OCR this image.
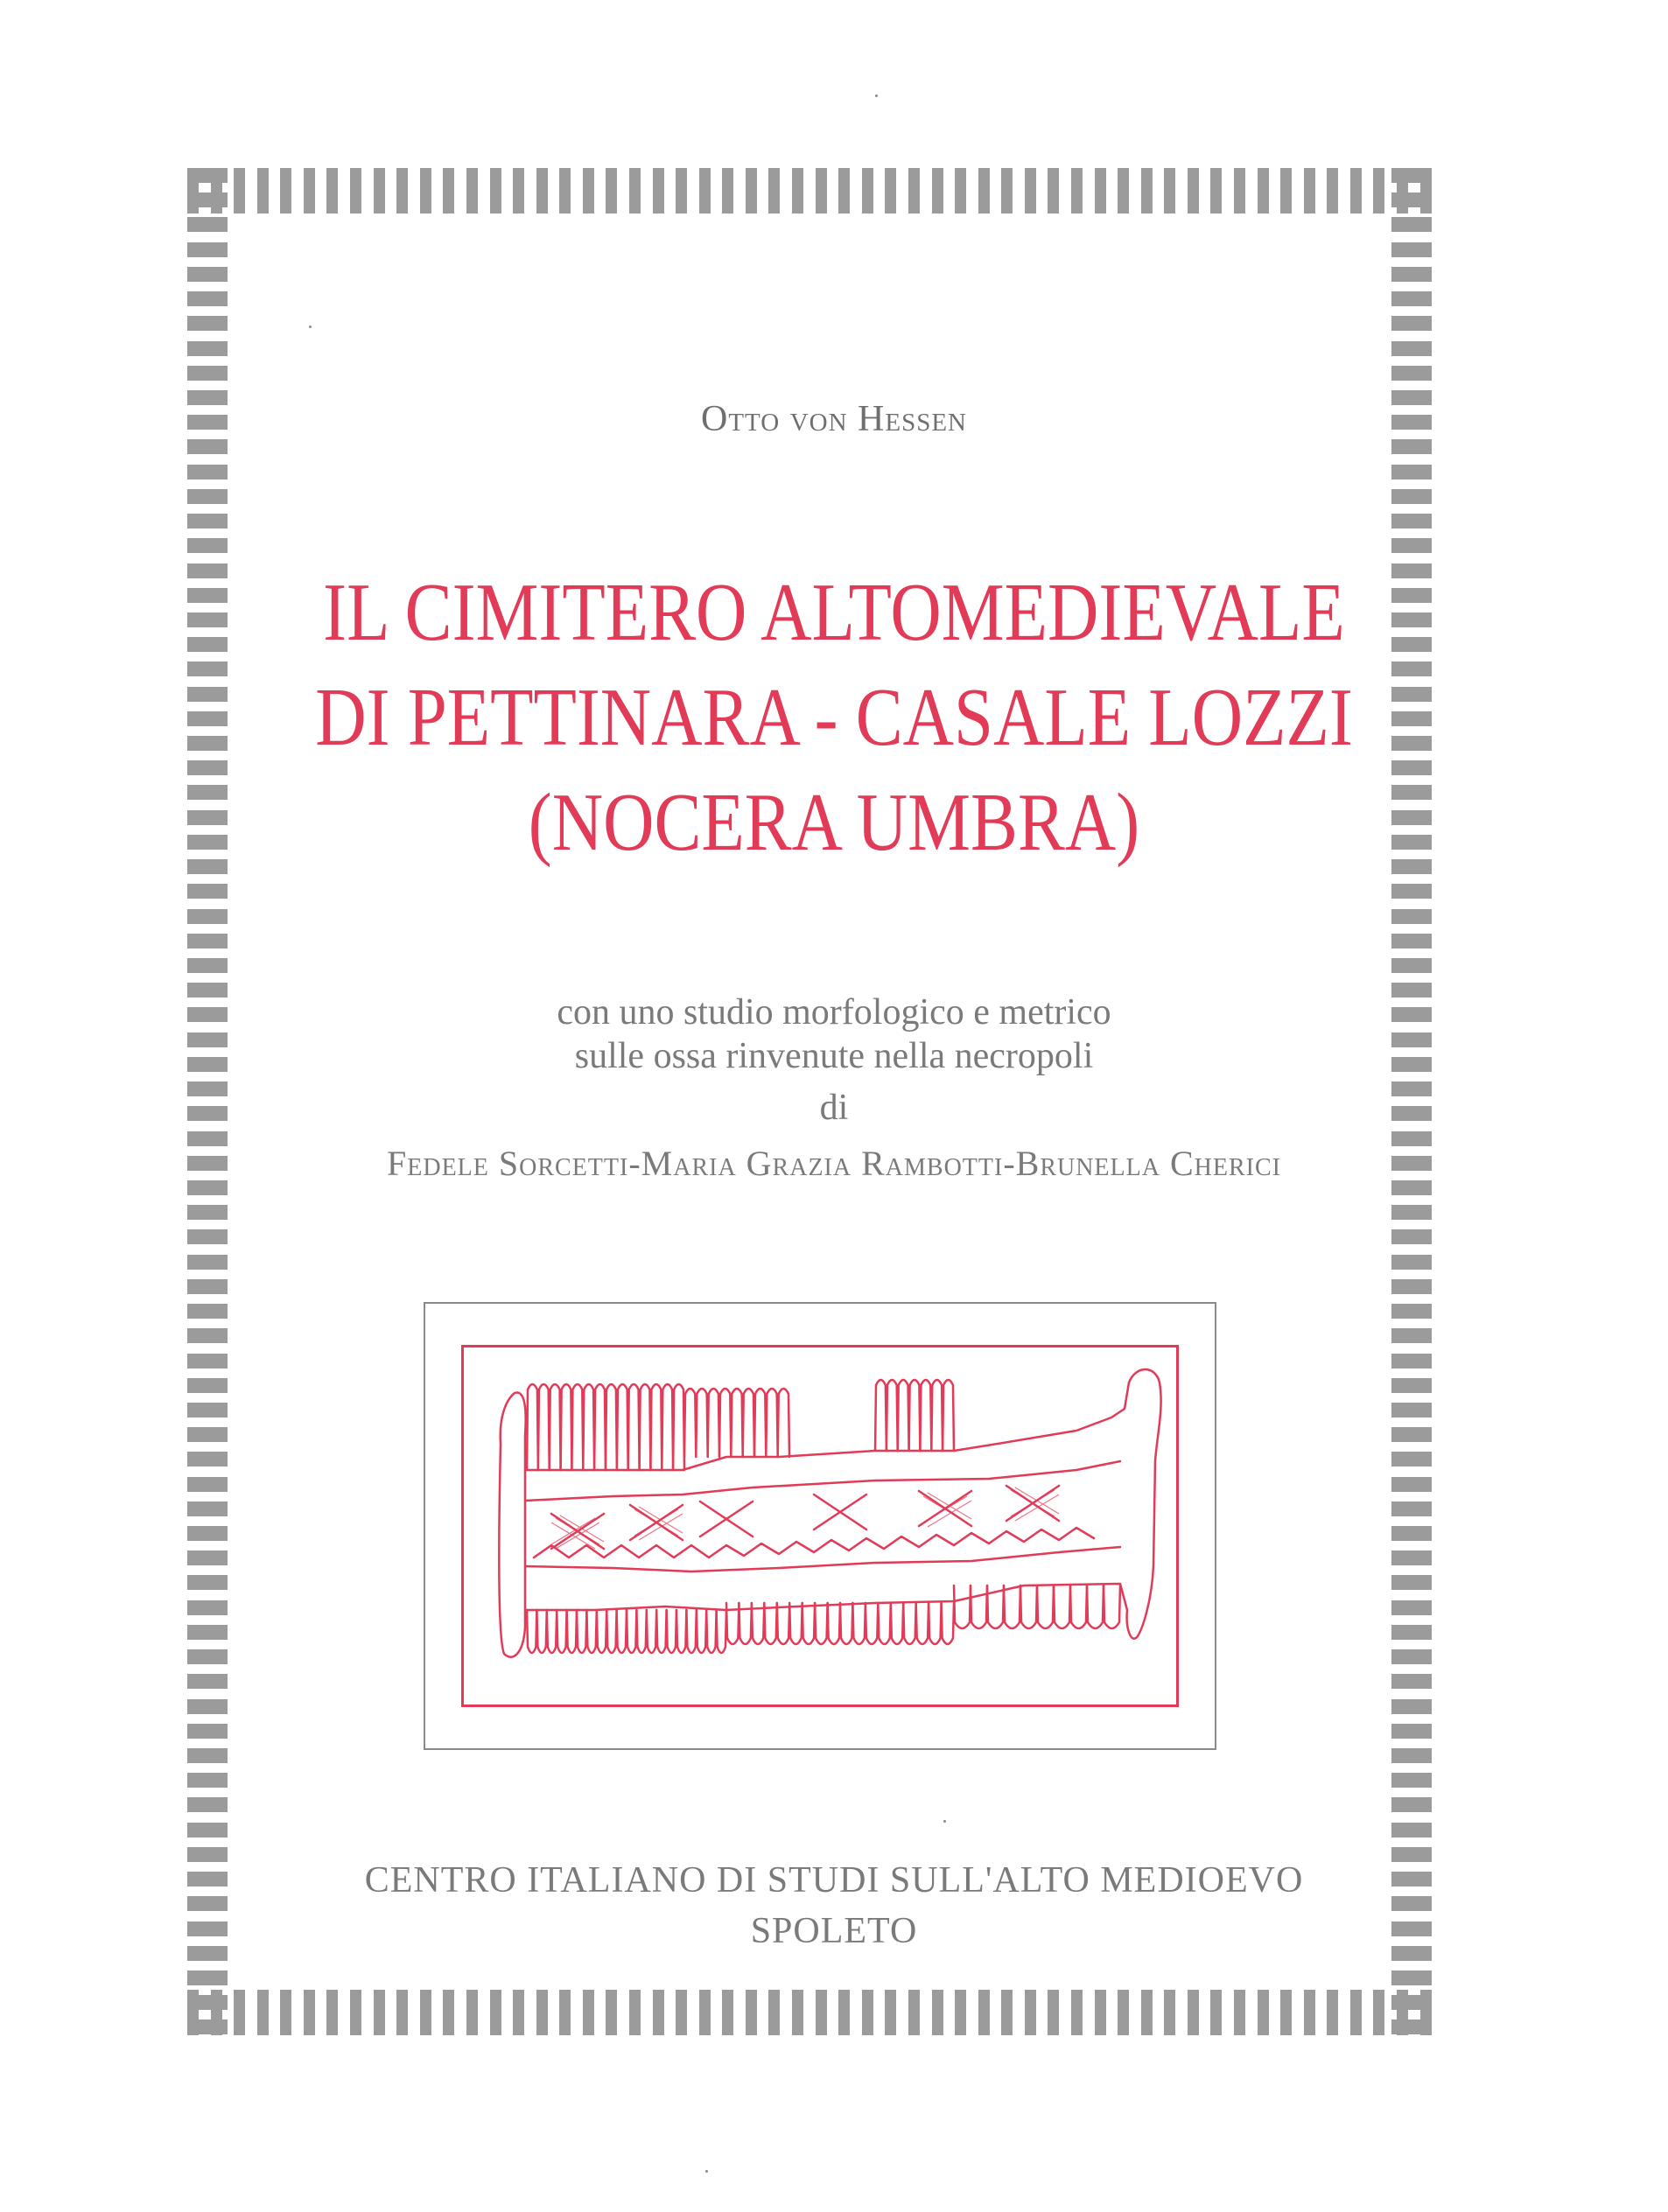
Otto von Hessen
IL CIMITERO ALTOMEDIEVALE
DI PETTINARA - CASALE LOZZI
(NOCERA UMBRA)
con uno studio morfologico e metrico
sulle ossa rinvenute nella necropoli
di
Fedele Sorcetti-Maria Grazia Rambotti-Brunella Cherici
CENTRO ITALIANO DI STUDI SULL'ALTO MEDIOEVO
SPOLETO
